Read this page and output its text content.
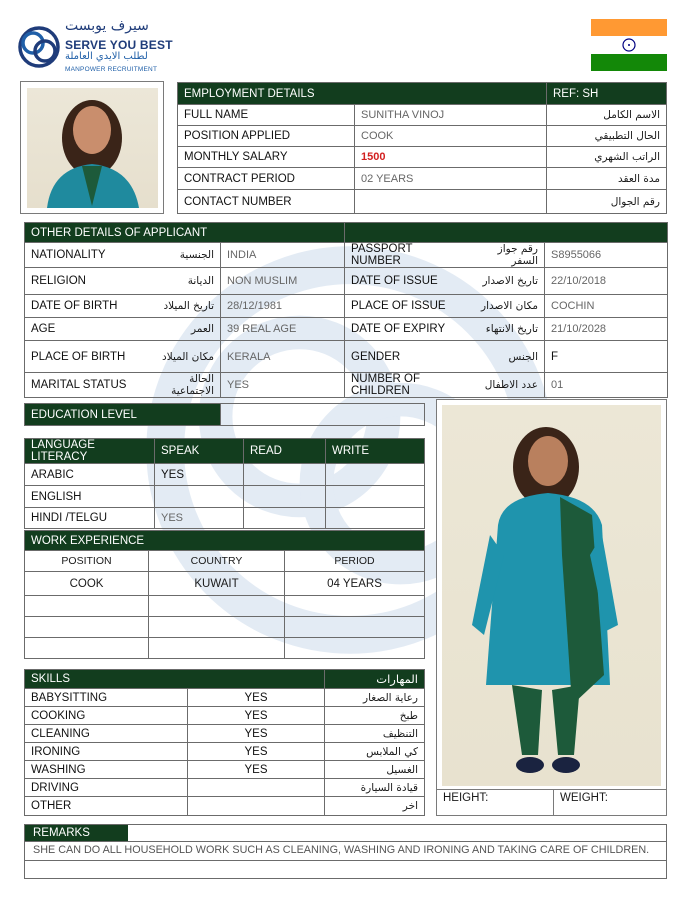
سيرف يوبست
SERVE YOU BEST
لطلب الايدي العاملة
MANPOWER RECRUITMENT
EMPLOYMENT DETAILS		REF: SH
FULL NAME	SUNITHA VINOJ	الاسم الكامل
POSITION APPLIED	COOK	الحال التطبيقي
MONTHLY SALARY	1500	الراتب الشهري
CONTRACT PERIOD	02 YEARS	مدة العقد
CONTACT NUMBER		رقم الجوال
OTHER DETAILS OF APPLICANT					
NATIONALITY	الجنسية	INDIA	PASSPORT NUMBER	رقم جواز السفر	S8955066
RELIGION	الديانة	NON MUSLIM	DATE OF ISSUE	تاريخ الاصدار	22/10/2018
DATE OF BIRTH	تاريخ الميلاد	28/12/1981	PLACE OF ISSUE	مكان الاصدار	COCHIN
AGE	العمر	39 REAL AGE	DATE OF EXPIRY	تاريخ الانتهاء	21/10/2028
PLACE OF BIRTH	مكان الميلاد	KERALA	GENDER	الجنس	F
MARITAL STATUS	الحالة الاجتماعية	YES	NUMBER OF CHILDREN	عدد الاطفال	01
EDUCATION LEVEL	
LANGUAGE LITERACY	SPEAK	READ	WRITE
ARABIC	YES		
ENGLISH			
HINDI /TELGU	YES		
WORK EXPERIENCE		
POSITION	COUNTRY	PERIOD
COOK	KUWAIT	04 YEARS

SKILLS		المهارات
BABYSITTING	YES	رعاية الصغار
COOKING	YES	طبخ
CLEANING	YES	التنظيف
IRONING	YES	كي الملابس
WASHING	YES	الغسيل
DRIVING		قيادة السيارة
OTHER		اخر
HEIGHT:	WEIGHT:
REMARKS
SHE CAN DO ALL HOUSEHOLD WORK SUCH AS CLEANING, WASHING AND IRONING AND TAKING CARE OF CHILDREN.
